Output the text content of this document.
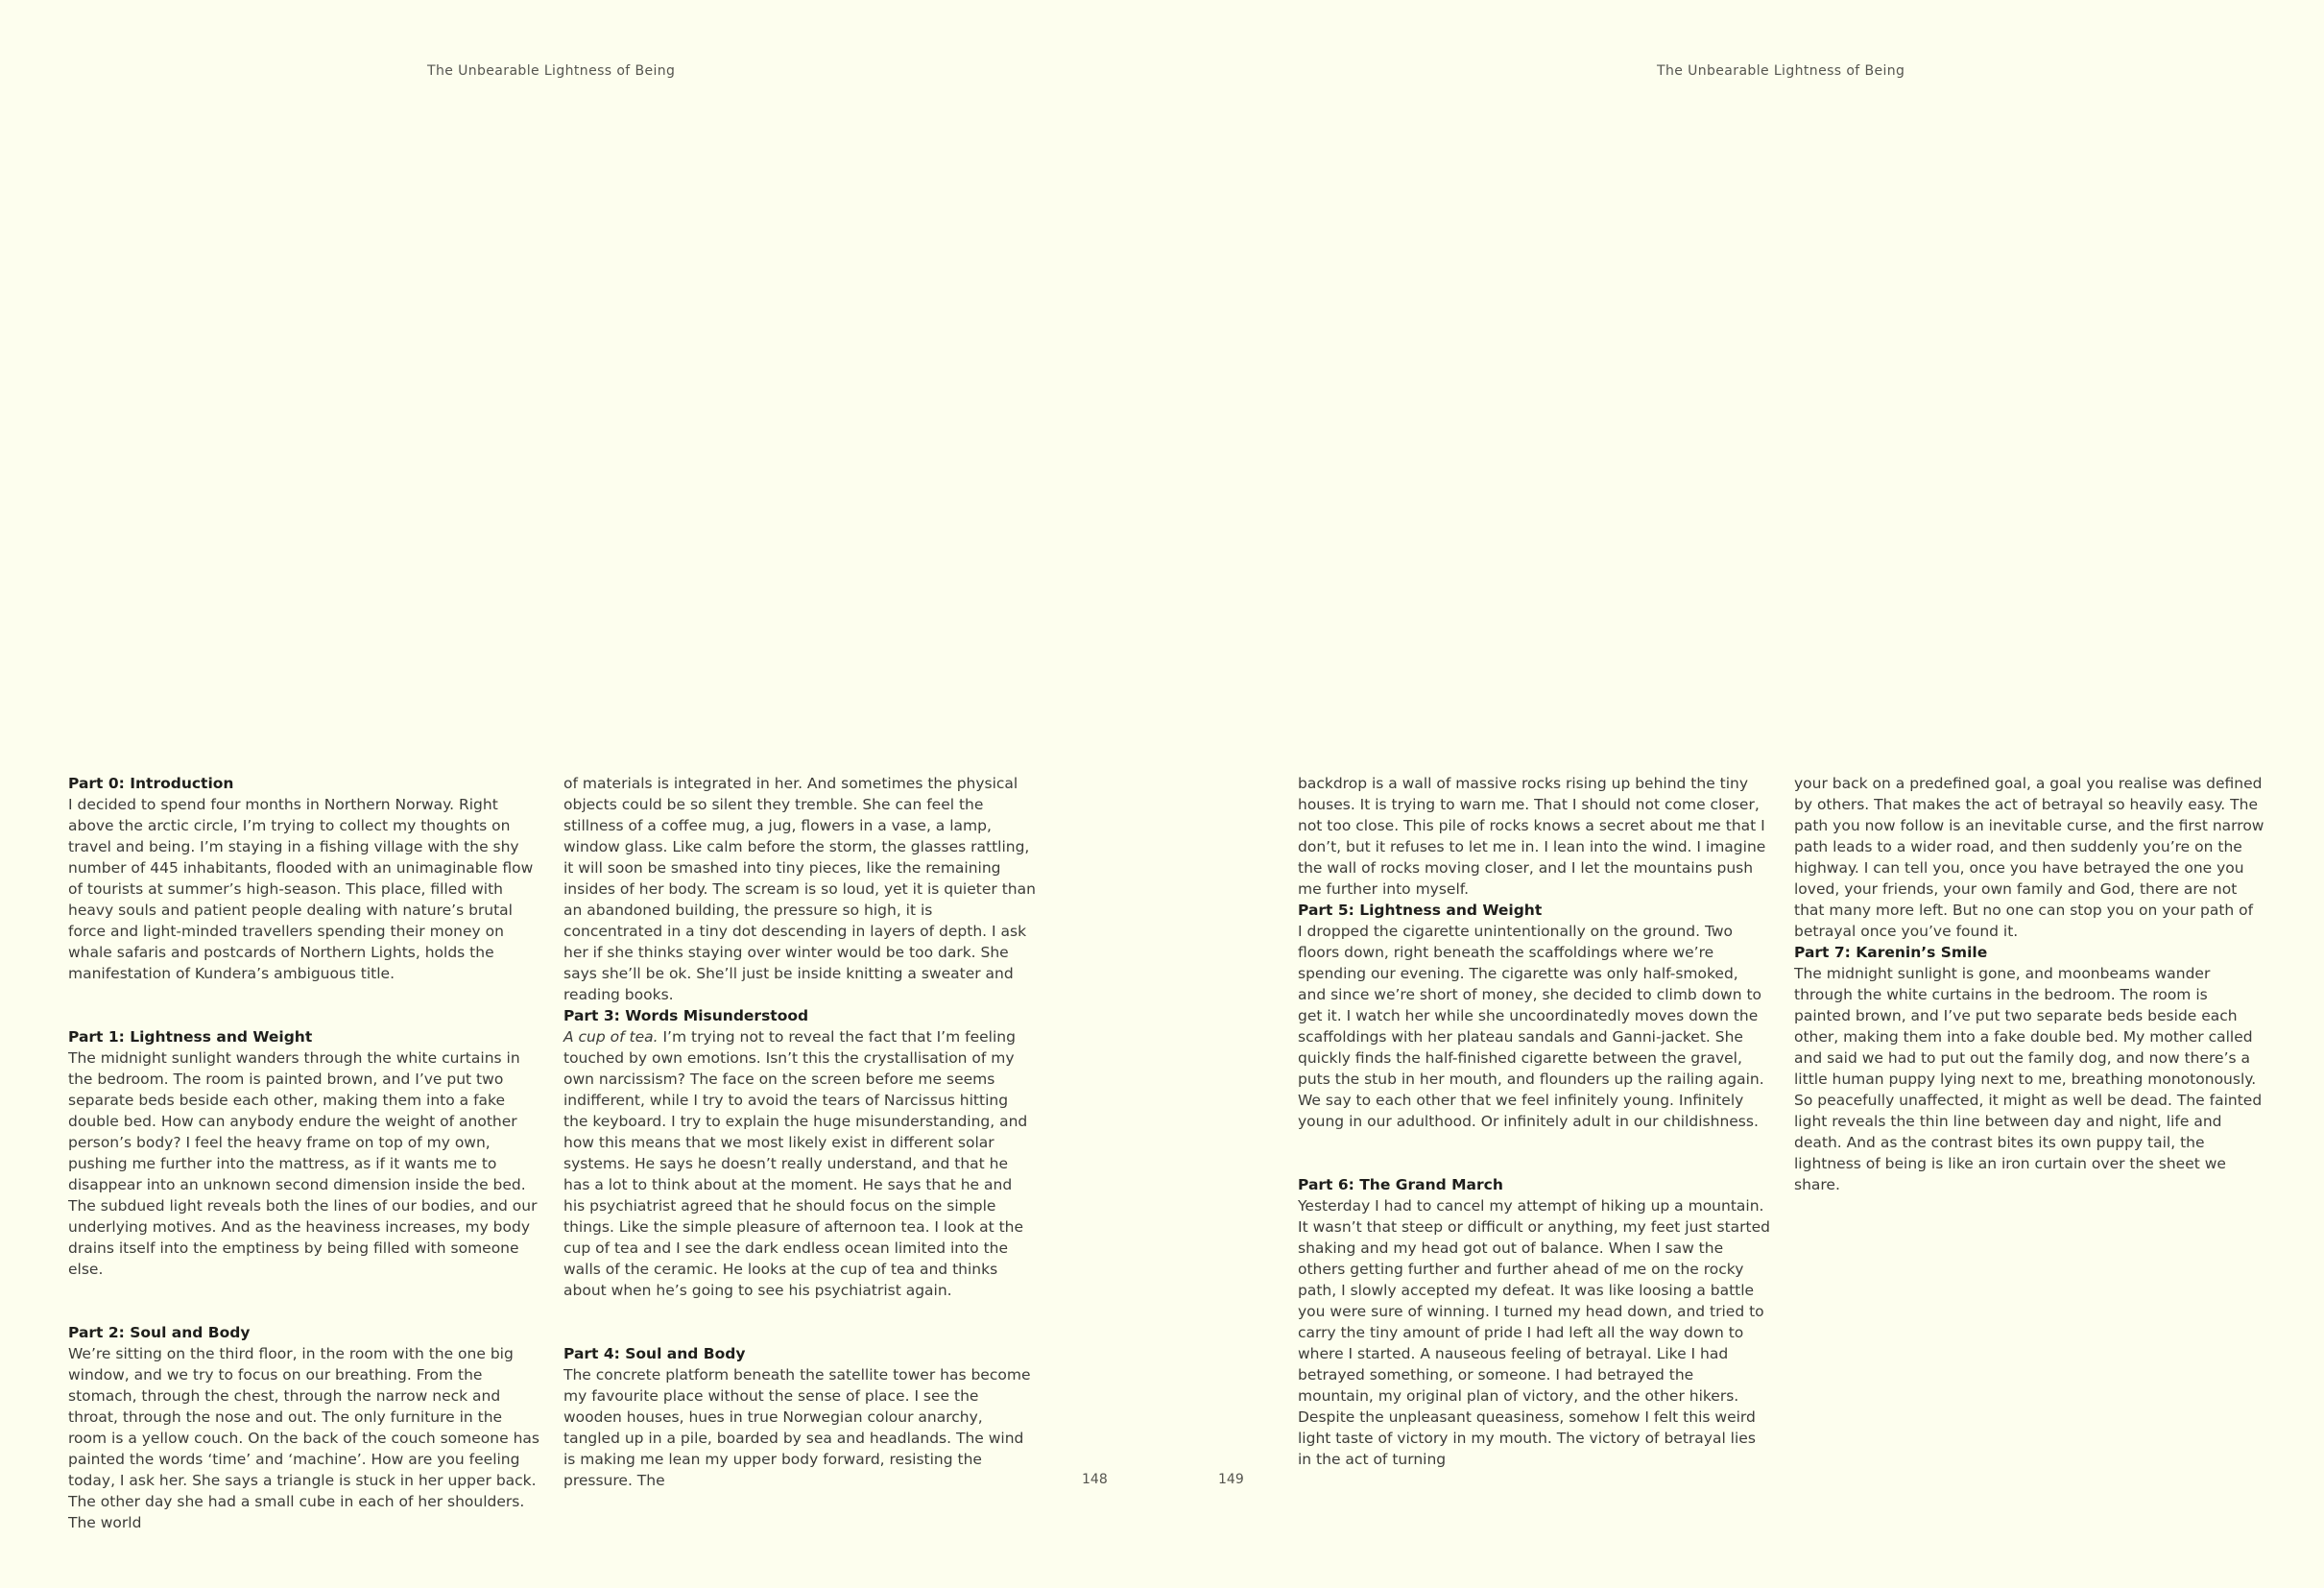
The Unbearable Lightness of Being	The Unbearable Lightness of Being
Part 0: Introduction

I decided to spend four months in Northern Norway. Right above the arctic circle, I’m trying to collect my thoughts on travel and being. I’m staying in a fishing village with the shy number of 445 inhabitants, flooded with an unimaginable flow of tourists at summer’s high-season. This place, filled with heavy souls and patient people dealing with nature’s brutal force and light-minded travellers spending their money on whale safaris and postcards of Northern Lights, holds the manifestation of Kundera’s ambiguous title.

Part 1: Lightness and Weight

The midnight sunlight wanders through the white curtains in the bedroom. The room is painted brown, and I’ve put two separate beds beside each other, making them into a fake double bed. How can anybody endure the weight of another person’s body? I feel the heavy frame on top of my own, pushing me further into the mattress, as if it wants me to disappear into an unknown second dimension inside the bed. The subdued light reveals both the lines of our bodies, and our underlying motives. And as the heaviness increases, my body drains itself into the emptiness by being filled with someone else.

Part 2: Soul and Body

We’re sitting on the third floor, in the room with the one big window, and we try to focus on our breathing. From the stomach, through the chest, through the narrow neck and throat, through the nose and out. The only furniture in the room is a yellow couch. On the back of the couch someone has painted the words ‘time’ and ‘machine’. How are you feeling today, I ask her. She says a triangle is stuck in her upper back. The other day she had a small cube in each of her shoulders. The world

of materials is integrated in her. And sometimes the physical objects could be so silent they tremble. She can feel the stillness of a coffee mug, a jug, flowers in a vase, a lamp, window glass. Like calm before the storm, the glasses rattling, it will soon be smashed into tiny pieces, like the remaining insides of her body. The scream is so loud, yet it is quieter than an abandoned building, the pressure so high, it is concentrated in a tiny dot descending in layers of depth. I ask her if she thinks staying over winter would be too dark. She says she’ll be ok. She’ll just be inside knitting a sweater and reading books.

Part 3: Words Misunderstood

A cup of tea. I’m trying not to reveal the fact that I’m feeling touched by own emotions. Isn’t this the crystallisation of my own narcissism? The face on the screen before me seems indifferent, while I try to avoid the tears of Narcissus hitting the keyboard. I try to explain the huge misunderstanding, and how this means that we most likely exist in different solar systems. He says he doesn’t really understand, and that he has a lot to think about at the moment. He says that he and his psychiatrist agreed that he should focus on the simple things. Like the simple pleasure of afternoon tea. I look at the cup of tea and I see the dark endless ocean limited into the walls of the ceramic. He looks at the cup of tea and thinks about when he’s going to see his psychiatrist again.

Part 4: Soul and Body

The concrete platform beneath the satellite tower has become my favourite place without the sense of place. I see the wooden houses, hues in true Norwegian colour anarchy, tangled up in a pile, boarded by sea and headlands. The wind is making me lean my upper body forward, resisting the pressure. The	148	149

backdrop is a wall of massive rocks rising up behind the tiny houses. It is trying to warn me. That I should not come closer, not too close. This pile of rocks knows a secret about me that I don’t, but it refuses to let me in. I lean into the wind. I imagine the wall of rocks moving closer, and I let the mountains push me further into myself.

Part 5: Lightness and Weight

I dropped the cigarette unintentionally on the ground. Two floors down, right beneath the scaffoldings where we’re spending our evening. The cigarette was only half-smoked, and since we’re short of money, she decided to climb down to get it. I watch her while she uncoordinatedly moves down the scaffoldings with her plateau sandals and Ganni-jacket. She quickly finds the half-finished cigarette between the gravel, puts the stub in her mouth, and flounders up the railing again. We say to each other that we feel infinitely young. Infinitely young in our adulthood. Or infinitely adult in our childishness.

Part 6: The Grand March

Yesterday I had to cancel my attempt of hiking up a mountain. It wasn’t that steep or difficult or anything, my feet just started shaking and my head got out of balance. When I saw the others getting further and further ahead of me on the rocky path, I slowly accepted my defeat. It was like loosing a battle you were sure of winning. I turned my head down, and tried to carry the tiny amount of pride I had left all the way down to where I started. A nauseous feeling of betrayal. Like I had betrayed something, or someone. I had betrayed the mountain, my original plan of victory, and the other hikers. Despite the unpleasant queasiness, somehow I felt this weird light taste of victory in my mouth. The victory of betrayal lies in the act of turning

your back on a predefined goal, a goal you realise was defined by others. That makes the act of betrayal so heavily easy. The path you now follow is an inevitable curse, and the first narrow path leads to a wider road, and then suddenly you’re on the highway. I can tell you, once you have betrayed the one you loved, your friends, your own family and God, there are not that many more left. But no one can stop you on your path of betrayal once you’ve found it.

Part 7: Karenin’s Smile

The midnight sunlight is gone, and moonbeams wander through the white curtains in the bedroom. The room is painted brown, and I’ve put two separate beds beside each other, making them into a fake double bed. My mother called and said we had to put out the family dog, and now there’s a little human puppy lying next to me, breathing monotonously. So peacefully unaffected, it might as well be dead. The fainted light reveals the thin line between day and night, life and death. And as the contrast bites its own puppy tail, the lightness of being is like an iron curtain over the sheet we share.
